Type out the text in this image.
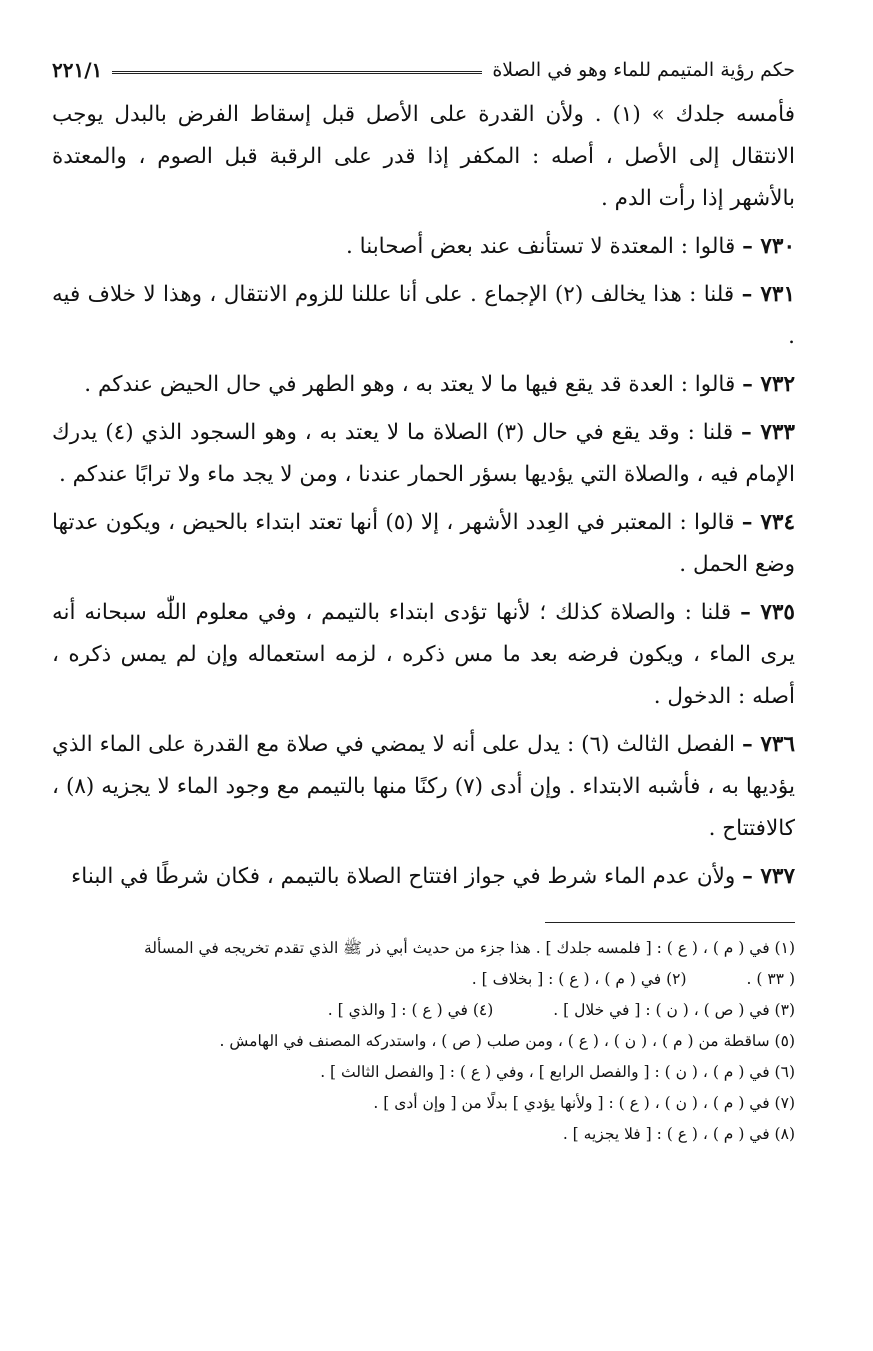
حكم رؤية المتيمم للماء وهو في الصلاة
٢٢١/١

فأمسه جلدك » (١) . ولأن القدرة على الأصل قبل إسقاط الفرض بالبدل يوجب الانتقال إلى الأصل ، أصله : المكفر إذا قدر على الرقبة قبل الصوم ، والمعتدة بالأشهر إذا رأت الدم .

٧٣٠ – قالوا : المعتدة لا تستأنف عند بعض أصحابنا .

٧٣١ – قلنا : هذا يخالف (٢) الإجماع . على أنا عللنا للزوم الانتقال ، وهذا لا خلاف فيه .

٧٣٢ – قالوا : العدة قد يقع فيها ما لا يعتد به ، وهو الطهر في حال الحيض عندكم .

٧٣٣ – قلنا : وقد يقع في حال (٣) الصلاة ما لا يعتد به ، وهو السجود الذي (٤) يدرك الإمام فيه ، والصلاة التي يؤديها بسؤر الحمار عندنا ، ومن لا يجد ماء ولا ترابًا عندكم .

٧٣٤ – قالوا : المعتبر في العِدد الأشهر ، إلا (٥) أنها تعتد ابتداء بالحيض ، ويكون عدتها وضع الحمل .

٧٣٥ – قلنا : والصلاة كذلك ؛ لأنها تؤدى ابتداء بالتيمم ، وفي معلوم اللّٰه سبحانه أنه يرى الماء ، ويكون فرضه بعد ما مس ذكره ، لزمه استعماله وإن لم يمس ذكره ، أصله : الدخول .

٧٣٦ – الفصل الثالث (٦) : يدل على أنه لا يمضي في صلاة مع القدرة على الماء الذي يؤديها به ، فأشبه الابتداء . وإن أدى (٧) ركنًا منها بالتيمم مع وجود الماء لا يجزيه (٨) ، كالافتتاح .

٧٣٧ – ولأن عدم الماء شرط في جواز افتتاح الصلاة بالتيمم ، فكان شرطًا في البناء

(١) في ( م ) ، ( ع ) : [ فلمسه جلدك ] . هذا جزء من حديث أبي ذر ﷺ الذي تقدم تخريجه في المسألة
( ٣٣ ) .
(٢) في ( م ) ، ( ع ) : [ بخلاف ] .
(٣) في ( ص ) ، ( ن ) : [ في خلال ] .
(٤) في ( ع ) : [ والذي ] .
(٥) ساقطة من ( م ) ، ( ن ) ، ( ع ) ، ومن صلب ( ص ) ، واستدركه المصنف في الهامش .
(٦) في ( م ) ، ( ن ) : [ والفصل الرابع ] ، وفي ( ع ) : [ والفصل الثالث ] .
(٧) في ( م ) ، ( ن ) ، ( ع ) : [ ولأنها يؤدي ] بدلًا من [ وإن أدى ] .
(٨) في ( م ) ، ( ع ) : [ فلا يجزيه ] .
